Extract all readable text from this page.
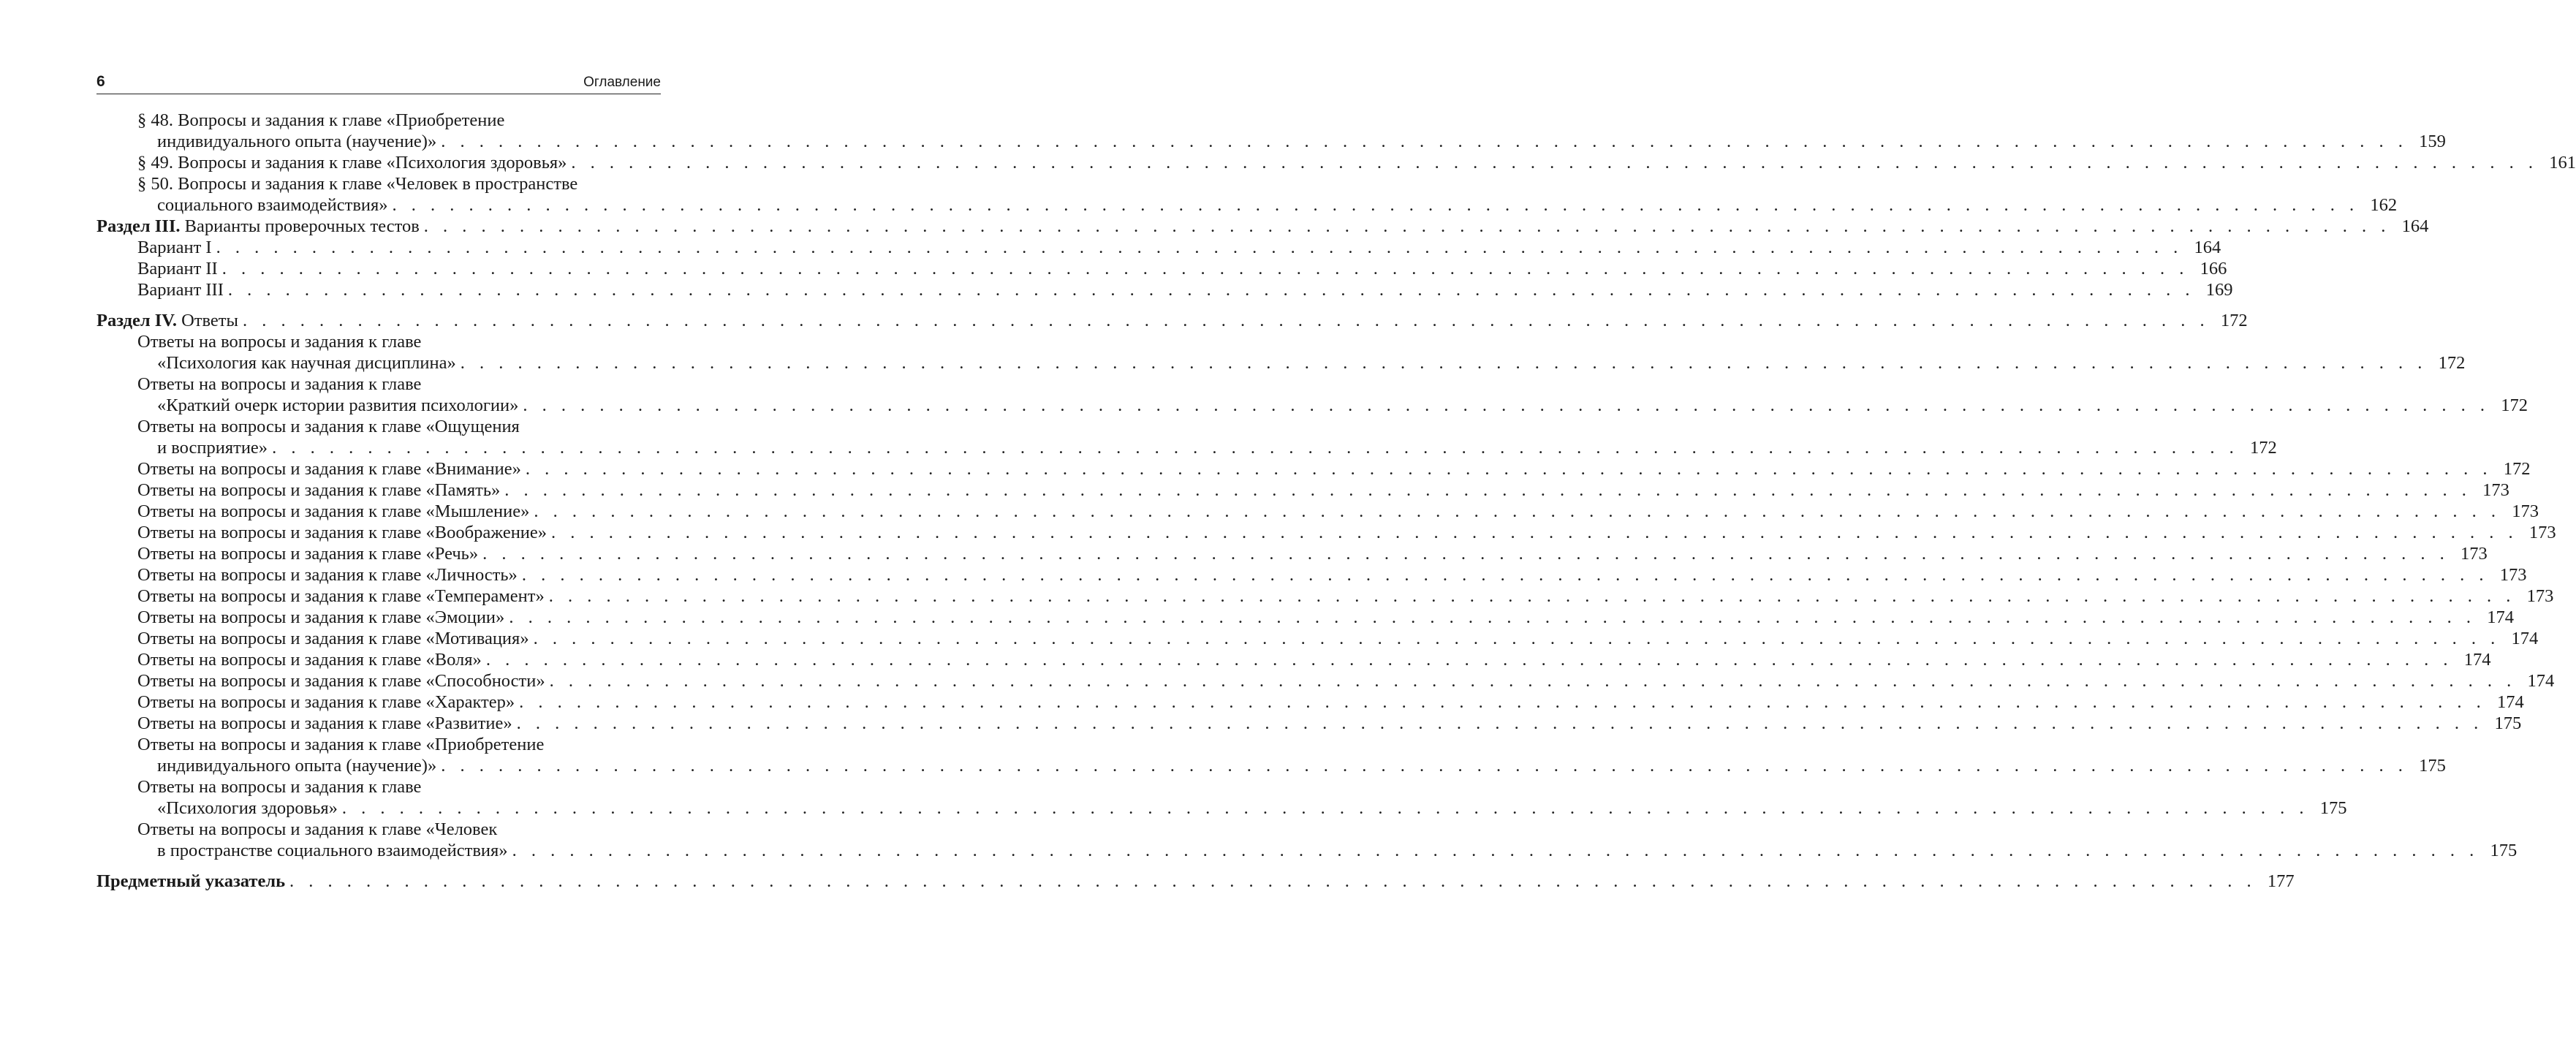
6	Оглавление
§ 48. Вопросы и задания к главе «Приобретение
индивидуального опыта (научение)» . . . . . . . . . . . . . . . . . . . . . . . . . . . . . . . . . . . . . . . . . . . . . . . . . . . . . . . . . . . . . . . . . . . . . . . . . . . . . . . . . . . . . . . . . . . . . . . . . . . . . . . 159
§ 49. Вопросы и задания к главе «Психология здоровья» . . . . . . . . . . . . . . . . . . . . . . . . . . . . . . . . . . . . . . . . . . . . . . . . . . . . . . . . . . . . . . . . . . . . . . . . . . . . . . . . . . . . . . . . . . . . . . . . . . . . . . . 161
§ 50. Вопросы и задания к главе «Человек в пространстве
социального взаимодействия» . . . . . . . . . . . . . . . . . . . . . . . . . . . . . . . . . . . . . . . . . . . . . . . . . . . . . . . . . . . . . . . . . . . . . . . . . . . . . . . . . . . . . . . . . . . . . . . . . . . . . . . 162
Раздел III. Варианты проверочных тестов . . . . . . . . . . . . . . . . . . . . . . . . . . . . . . . . . . . . . . . . . . . . . . . . . . . . . . . . . . . . . . . . . . . . . . . . . . . . . . . . . . . . . . . . . . . . . . . . . . . . . . . 164
Вариант I . . . . . . . . . . . . . . . . . . . . . . . . . . . . . . . . . . . . . . . . . . . . . . . . . . . . . . . . . . . . . . . . . . . . . . . . . . . . . . . . . . . . . . . . . . . . . . . . . . . . . . . 164
Вариант II . . . . . . . . . . . . . . . . . . . . . . . . . . . . . . . . . . . . . . . . . . . . . . . . . . . . . . . . . . . . . . . . . . . . . . . . . . . . . . . . . . . . . . . . . . . . . . . . . . . . . . . 166
Вариант III . . . . . . . . . . . . . . . . . . . . . . . . . . . . . . . . . . . . . . . . . . . . . . . . . . . . . . . . . . . . . . . . . . . . . . . . . . . . . . . . . . . . . . . . . . . . . . . . . . . . . . . 169
Раздел IV. Ответы . . . . . . . . . . . . . . . . . . . . . . . . . . . . . . . . . . . . . . . . . . . . . . . . . . . . . . . . . . . . . . . . . . . . . . . . . . . . . . . . . . . . . . . . . . . . . . . . . . . . . . . 172
Ответы на вопросы и задания к главе
«Психология как научная дисциплина» . . . . . . . . . . . . . . . . . . . . . . . . . . . . . . . . . . . . . . . . . . . . . . . . . . . . . . . . . . . . . . . . . . . . . . . . . . . . . . . . . . . . . . . . . . . . . . . . . . . . . . . 172
Ответы на вопросы и задания к главе
«Краткий очерк истории развития психологии» . . . . . . . . . . . . . . . . . . . . . . . . . . . . . . . . . . . . . . . . . . . . . . . . . . . . . . . . . . . . . . . . . . . . . . . . . . . . . . . . . . . . . . . . . . . . . . . . . . . . . . . 172
Ответы на вопросы и задания к главе «Ощущения
и восприятие» . . . . . . . . . . . . . . . . . . . . . . . . . . . . . . . . . . . . . . . . . . . . . . . . . . . . . . . . . . . . . . . . . . . . . . . . . . . . . . . . . . . . . . . . . . . . . . . . . . . . . . . 172
Ответы на вопросы и задания к главе «Внимание» . . . . . . . . . . . . . . . . . . . . . . . . . . . . . . . . . . . . . . . . . . . . . . . . . . . . . . . . . . . . . . . . . . . . . . . . . . . . . . . . . . . . . . . . . . . . . . . . . . . . . . . 172
Ответы на вопросы и задания к главе «Память» . . . . . . . . . . . . . . . . . . . . . . . . . . . . . . . . . . . . . . . . . . . . . . . . . . . . . . . . . . . . . . . . . . . . . . . . . . . . . . . . . . . . . . . . . . . . . . . . . . . . . . . 173
Ответы на вопросы и задания к главе «Мышление» . . . . . . . . . . . . . . . . . . . . . . . . . . . . . . . . . . . . . . . . . . . . . . . . . . . . . . . . . . . . . . . . . . . . . . . . . . . . . . . . . . . . . . . . . . . . . . . . . . . . . . . 173
Ответы на вопросы и задания к главе «Воображение» . . . . . . . . . . . . . . . . . . . . . . . . . . . . . . . . . . . . . . . . . . . . . . . . . . . . . . . . . . . . . . . . . . . . . . . . . . . . . . . . . . . . . . . . . . . . . . . . . . . . . . . 173
Ответы на вопросы и задания к главе «Речь» . . . . . . . . . . . . . . . . . . . . . . . . . . . . . . . . . . . . . . . . . . . . . . . . . . . . . . . . . . . . . . . . . . . . . . . . . . . . . . . . . . . . . . . . . . . . . . . . . . . . . . . 173
Ответы на вопросы и задания к главе «Личность» . . . . . . . . . . . . . . . . . . . . . . . . . . . . . . . . . . . . . . . . . . . . . . . . . . . . . . . . . . . . . . . . . . . . . . . . . . . . . . . . . . . . . . . . . . . . . . . . . . . . . . . 173
Ответы на вопросы и задания к главе «Темперамент» . . . . . . . . . . . . . . . . . . . . . . . . . . . . . . . . . . . . . . . . . . . . . . . . . . . . . . . . . . . . . . . . . . . . . . . . . . . . . . . . . . . . . . . . . . . . . . . . . . . . . . . 173
Ответы на вопросы и задания к главе «Эмоции» . . . . . . . . . . . . . . . . . . . . . . . . . . . . . . . . . . . . . . . . . . . . . . . . . . . . . . . . . . . . . . . . . . . . . . . . . . . . . . . . . . . . . . . . . . . . . . . . . . . . . . . 174
Ответы на вопросы и задания к главе «Мотивация» . . . . . . . . . . . . . . . . . . . . . . . . . . . . . . . . . . . . . . . . . . . . . . . . . . . . . . . . . . . . . . . . . . . . . . . . . . . . . . . . . . . . . . . . . . . . . . . . . . . . . . . 174
Ответы на вопросы и задания к главе «Воля» . . . . . . . . . . . . . . . . . . . . . . . . . . . . . . . . . . . . . . . . . . . . . . . . . . . . . . . . . . . . . . . . . . . . . . . . . . . . . . . . . . . . . . . . . . . . . . . . . . . . . . . 174
Ответы на вопросы и задания к главе «Способности» . . . . . . . . . . . . . . . . . . . . . . . . . . . . . . . . . . . . . . . . . . . . . . . . . . . . . . . . . . . . . . . . . . . . . . . . . . . . . . . . . . . . . . . . . . . . . . . . . . . . . . . 174
Ответы на вопросы и задания к главе «Характер» . . . . . . . . . . . . . . . . . . . . . . . . . . . . . . . . . . . . . . . . . . . . . . . . . . . . . . . . . . . . . . . . . . . . . . . . . . . . . . . . . . . . . . . . . . . . . . . . . . . . . . . 174
Ответы на вопросы и задания к главе «Развитие» . . . . . . . . . . . . . . . . . . . . . . . . . . . . . . . . . . . . . . . . . . . . . . . . . . . . . . . . . . . . . . . . . . . . . . . . . . . . . . . . . . . . . . . . . . . . . . . . . . . . . . . 175
Ответы на вопросы и задания к главе «Приобретение
индивидуального опыта (научение)» . . . . . . . . . . . . . . . . . . . . . . . . . . . . . . . . . . . . . . . . . . . . . . . . . . . . . . . . . . . . . . . . . . . . . . . . . . . . . . . . . . . . . . . . . . . . . . . . . . . . . . . 175
Ответы на вопросы и задания к главе
«Психология здоровья» . . . . . . . . . . . . . . . . . . . . . . . . . . . . . . . . . . . . . . . . . . . . . . . . . . . . . . . . . . . . . . . . . . . . . . . . . . . . . . . . . . . . . . . . . . . . . . . . . . . . . . . 175
Ответы на вопросы и задания к главе «Человек
в пространстве социального взаимодействия» . . . . . . . . . . . . . . . . . . . . . . . . . . . . . . . . . . . . . . . . . . . . . . . . . . . . . . . . . . . . . . . . . . . . . . . . . . . . . . . . . . . . . . . . . . . . . . . . . . . . . . . 175
Предметный указатель . . . . . . . . . . . . . . . . . . . . . . . . . . . . . . . . . . . . . . . . . . . . . . . . . . . . . . . . . . . . . . . . . . . . . . . . . . . . . . . . . . . . . . . . . . . . . . . . . . . . . . . 177
